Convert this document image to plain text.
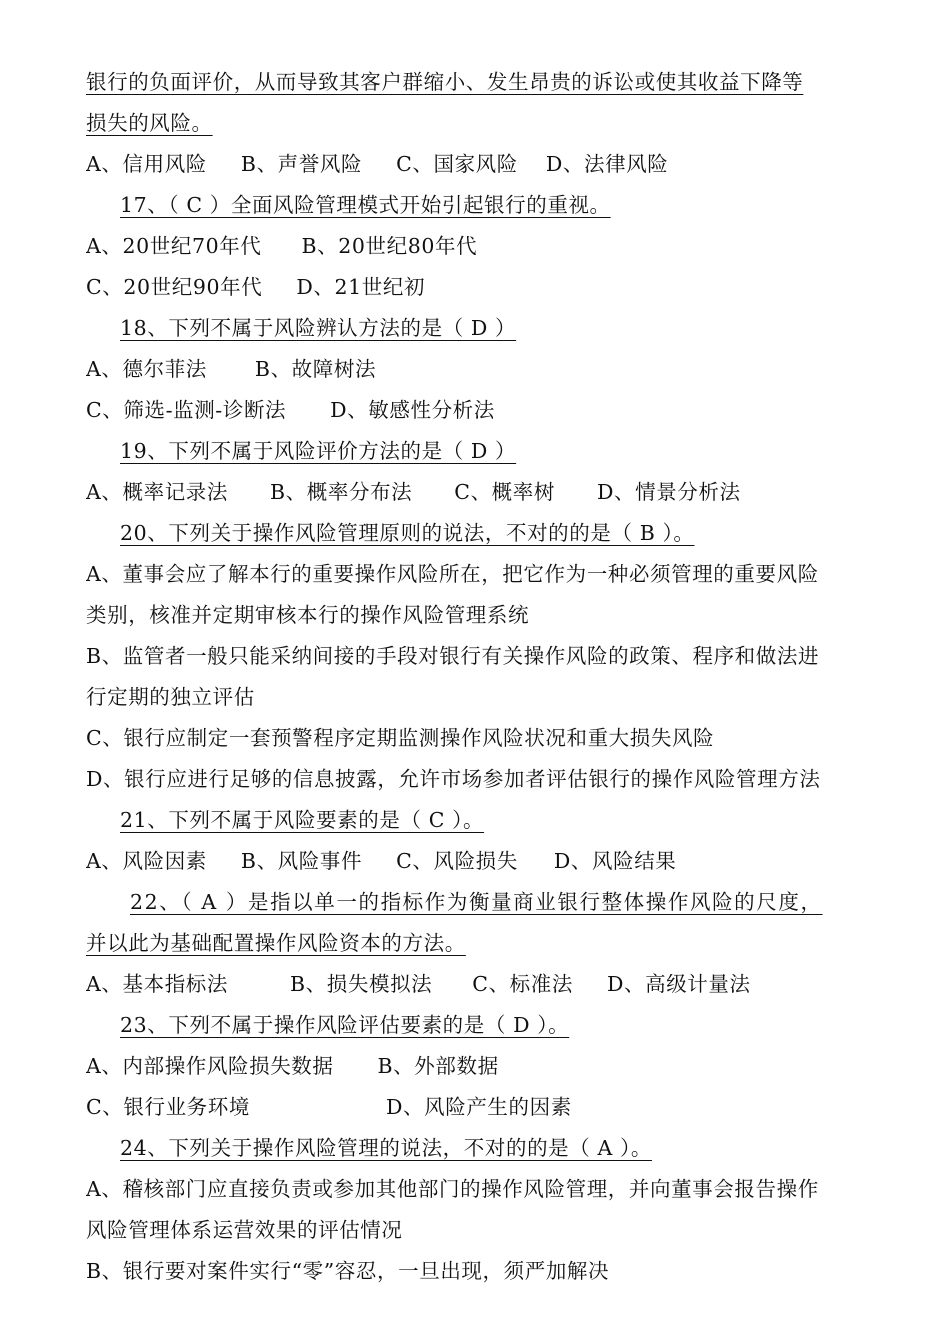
银行的负面评价，从而导致其客户群缩小、发生昂贵的诉讼或使其收益下降等
损失的风险。
A、信用风险 B、声誉风险 C、国家风险 D、法律风险
17、（ C ）全面风险管理模式开始引起银行的重视。
A、20世纪70年代 B、20世纪80年代
C、20世纪90年代 D、21世纪初
18、下列不属于风险辨认方法的是（ D ）
A、德尔菲法 B、故障树法
C、筛选-监测-诊断法 D、敏感性分析法
19、下列不属于风险评价方法的是（ D ）
A、概率记录法 B、概率分布法 C、概率树 D、情景分析法
20、下列关于操作风险管理原则的说法，不对的的是（ B ）。
A、董事会应了解本行的重要操作风险所在，把它作为一种必须管理的重要风险
类别，核准并定期审核本行的操作风险管理系统
B、监管者一般只能采纳间接的手段对银行有关操作风险的政策、程序和做法进
行定期的独立评估
C、银行应制定一套预警程序定期监测操作风险状况和重大损失风险
D、银行应进行足够的信息披露，允许市场参加者评估银行的操作风险管理方法
21、下列不属于风险要素的是（ C ）。
A、风险因素 B、风险事件 C、风险损失 D、风险结果
22、（ A ）是指以单一的指标作为衡量商业银行整体操作风险的尺度，
并以此为基础配置操作风险资本的方法。
A、基本指标法	B、损失模拟法 C、标准法 D、高级计量法
23、下列不属于操作风险评估要素的是（ D ）。
A、内部操作风险损失数据 B、外部数据
C、银行业务环境	D、风险产生的因素
24、下列关于操作风险管理的说法，不对的的是（ A ）。
A、稽核部门应直接负责或参加其他部门的操作风险管理，并向董事会报告操作
风险管理体系运营效果的评估情况
B、银行要对案件实行“零”容忍，一旦出现，须严加解决
